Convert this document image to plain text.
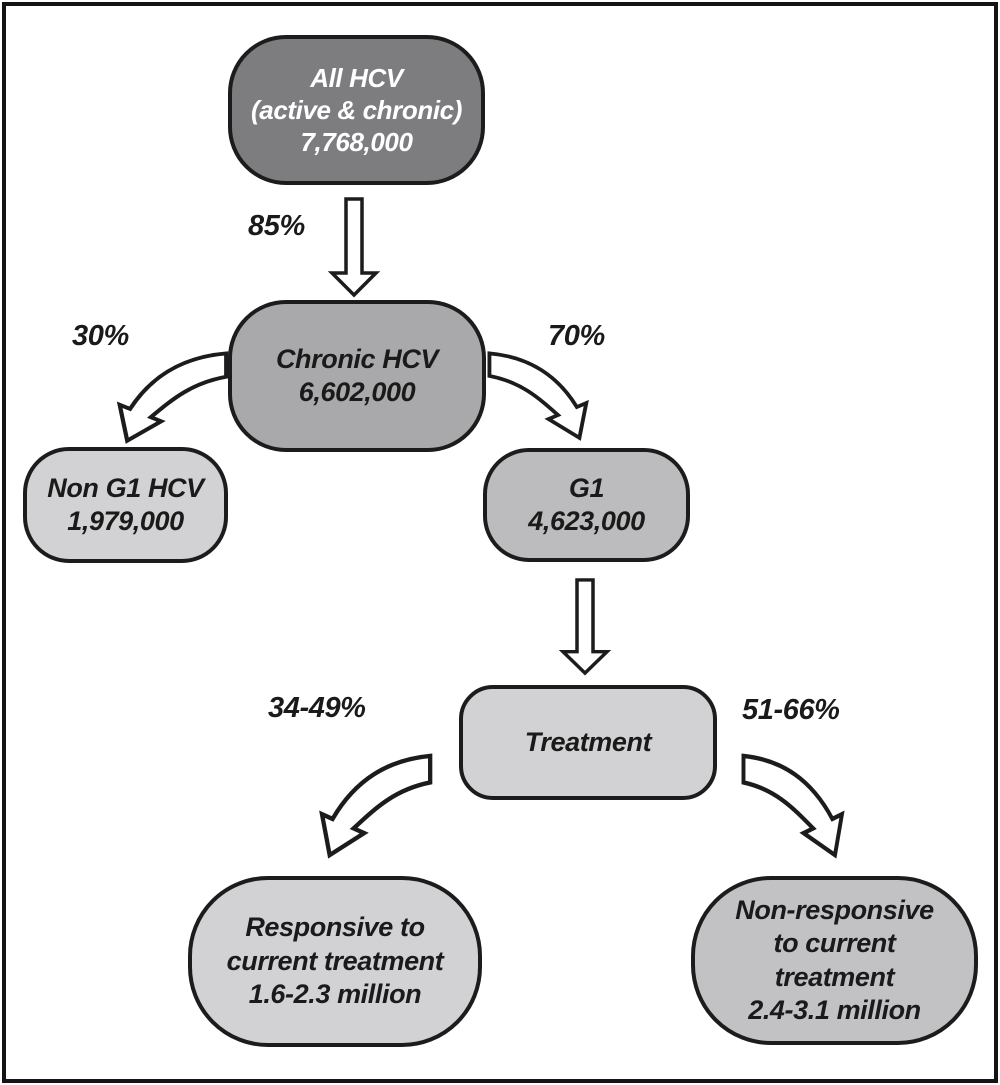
All HCV
(active & chronic)
7,768,000
85%
Chronic HCV
6,602,000
30%	70%
Non G1 HCV
1,979,000
G1
4,623,000
Treatment
34-49%	51-66%
Responsive to
current treatment
1.6-2.3 million
Non-responsive
to current
treatment
2.4-3.1 million
